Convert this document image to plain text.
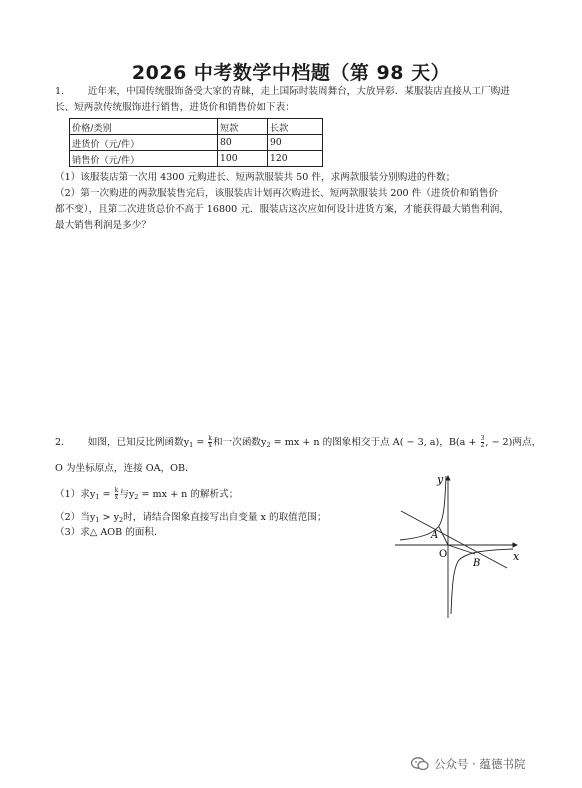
2026 中考数学中档题（第 98 天）
1． 近年来，中国传统服饰备受大家的青睐，走上国际时装周舞台，大放异彩．某服装店直接从工厂购进
长、短两款传统服饰进行销售，进货价和销售价如下表：
价格/类别	短款	长款
进货价（元/件）	80	90
销售价（元/件）	100	120
（1）该服装店第一次用 4300 元购进长、短两款服装共 50 件，求两款服装分别购进的件数；
（2）第一次购进的两款服装售完后，该服装店计划再次购进长、短两款服装共 200 件（进货价和销售价
都不变），且第二次进货总价不高于 16800 元．服装店这次应如何设计进货方案，才能获得最大销售利润，
最大销售利润是多少？
2． 如图，已知反比例函数$y_1 = \frac{k}{x}$ 和一次函数$y_2$ = mx + n 的图象相交于点 A( − 3, a)，$B(a + \frac{3}{2}$ , − 2)两点，
O 为坐标原点，连接 OA，OB．
（1）求$y_1 = \frac{k}{x}$ 与$y_2$ = mx + n 的解析式；
（2）当$y_1 > y_2$时，请结合图象直接写出自变量 x 的取值范围；
（3）求△ AOB 的面积．
y
x
O
A
B
公众号 · 蕴德书院
